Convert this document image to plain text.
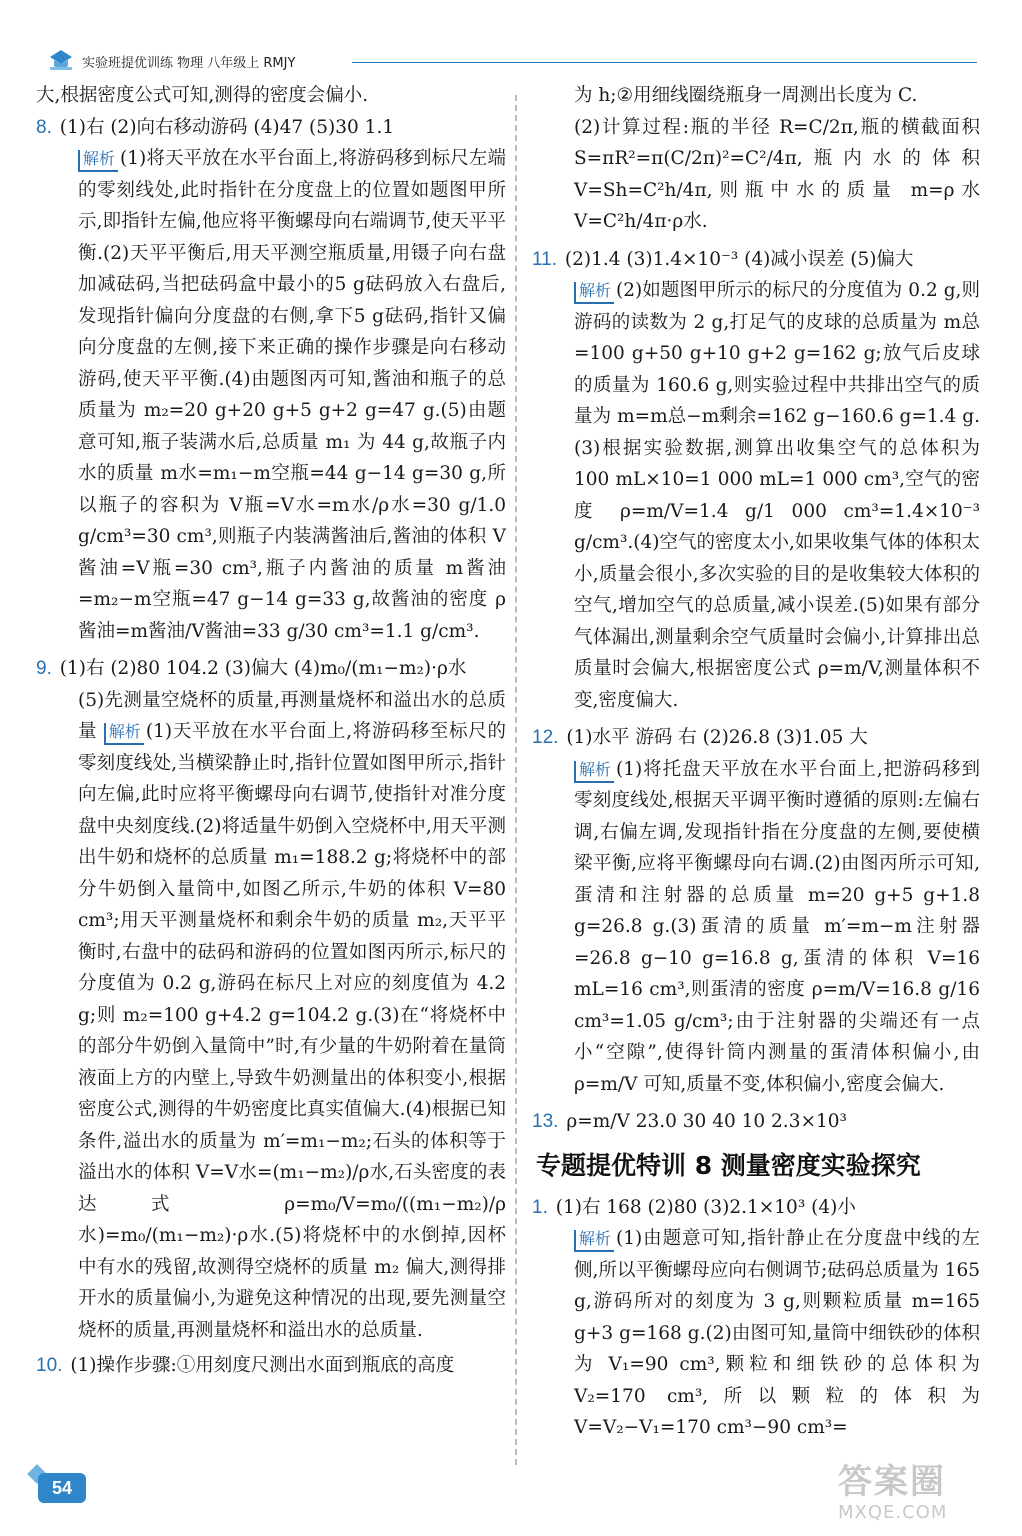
实验班提优训练 物理 八年级上 RMJY

大,根据密度公式可知,测得的密度会偏小.

8. (1)右 (2)向右移动游码 (4)47 (5)30 1.1

解析 (1)将天平放在水平台面上,将游码移到标尺左端的零刻线处,此时指针在分度盘上的位置如题图甲所示,即指针左偏,他应将平衡螺母向右端调节,使天平平衡.(2)天平平衡后,用天平测空瓶质量,用镊子向右盘加减砝码,当把砝码盒中最小的5 g砝码放入右盘后,发现指针偏向分度盘的右侧,拿下5 g砝码,指针又偏向分度盘的左侧,接下来正确的操作步骤是向右移动游码,使天平平衡.(4)由题图丙可知,酱油和瓶子的总质量为 m₂=20 g+20 g+5 g+2 g=47 g.(5)由题意可知,瓶子装满水后,总质量 m₁ 为 44 g,故瓶子内水的质量 m水=m₁−m空瓶=44 g−14 g=30 g,所以瓶子的容积为 V瓶=V水=m水/ρ水=30 g/1.0 g/cm³=30 cm³,则瓶子内装满酱油后,酱油的体积 V酱油=V瓶=30 cm³,瓶子内酱油的质量 m酱油=m₂−m空瓶=47 g−14 g=33 g,故酱油的密度 ρ酱油=m酱油/V酱油=33 g/30 cm³=1.1 g/cm³.

9. (1)右 (2)80 104.2 (3)偏大 (4)m₀/(m₁−m₂)·ρ水

(5)先测量空烧杯的质量,再测量烧杯和溢出水的总质量 解析 (1)天平放在水平台面上,将游码移至标尺的零刻度线处,当横梁静止时,指针位置如图甲所示,指针向左偏,此时应将平衡螺母向右调节,使指针对准分度盘中央刻度线.(2)将适量牛奶倒入空烧杯中,用天平测出牛奶和烧杯的总质量 m₁=188.2 g;将烧杯中的部分牛奶倒入量筒中,如图乙所示,牛奶的体积 V=80 cm³;用天平测量烧杯和剩余牛奶的质量 m₂,天平平衡时,右盘中的砝码和游码的位置如图丙所示,标尺的分度值为 0.2 g,游码在标尺上对应的刻度值为 4.2 g;则 m₂=100 g+4.2 g=104.2 g.(3)在“将烧杯中的部分牛奶倒入量筒中”时,有少量的牛奶附着在量筒液面上方的内壁上,导致牛奶测量出的体积变小,根据密度公式,测得的牛奶密度比真实值偏大.(4)根据已知条件,溢出水的质量为 m′=m₁−m₂;石头的体积等于溢出水的体积 V=V水=(m₁−m₂)/ρ水,石头密度的表达式 ρ=m₀/V=m₀/((m₁−m₂)/ρ水)=m₀/(m₁−m₂)·ρ水.(5)将烧杯中的水倒掉,因杯中有水的残留,故测得空烧杯的质量 m₂ 偏大,测得排开水的质量偏小,为避免这种情况的出现,要先测量空烧杯的质量,再测量烧杯和溢出水的总质量.

10. (1)操作步骤:①用刻度尺测出水面到瓶底的高度

为 h;②用细线圈绕瓶身一周测出长度为 C.

(2)计算过程:瓶的半径 R=C/2π,瓶的横截面积 S=πR²=π(C/2π)²=C²/4π,瓶内水的体积 V=Sh=C²h/4π,则瓶中水的质量 m=ρ水V=C²h/4π·ρ水.

11. (2)1.4 (3)1.4×10⁻³ (4)减小误差 (5)偏大

解析 (2)如题图甲所示的标尺的分度值为 0.2 g,则游码的读数为 2 g,打足气的皮球的总质量为 m总=100 g+50 g+10 g+2 g=162 g;放气后皮球的质量为 160.6 g,则实验过程中共排出空气的质量为 m=m总−m剩余=162 g−160.6 g=1.4 g.(3)根据实验数据,测算出收集空气的总体积为 100 mL×10=1 000 mL=1 000 cm³,空气的密度 ρ=m/V=1.4 g/1 000 cm³=1.4×10⁻³ g/cm³.(4)空气的密度太小,如果收集气体的体积太小,质量会很小,多次实验的目的是收集较大体积的空气,增加空气的总质量,减小误差.(5)如果有部分气体漏出,测量剩余空气质量时会偏小,计算排出总质量时会偏大,根据密度公式 ρ=m/V,测量体积不变,密度偏大.

12. (1)水平 游码 右 (2)26.8 (3)1.05 大

解析 (1)将托盘天平放在水平台面上,把游码移到零刻度线处,根据天平调平衡时遵循的原则:左偏右调,右偏左调,发现指针指在分度盘的左侧,要使横梁平衡,应将平衡螺母向右调.(2)由图丙所示可知,蛋清和注射器的总质量 m=20 g+5 g+1.8 g=26.8 g.(3)蛋清的质量 m′=m−m注射器=26.8 g−10 g=16.8 g,蛋清的体积 V=16 mL=16 cm³,则蛋清的密度 ρ=m/V=16.8 g/16 cm³=1.05 g/cm³;由于注射器的尖端还有一点小“空隙”,使得针筒内测量的蛋清体积偏小,由 ρ=m/V 可知,质量不变,体积偏小,密度会偏大.

13. ρ=m/V 23.0 30 40 10 2.3×10³

专题提优特训 8 测量密度实验探究

1. (1)右 168 (2)80 (3)2.1×10³ (4)小

解析 (1)由题意可知,指针静止在分度盘中线的左侧,所以平衡螺母应向右侧调节;砝码总质量为 165 g,游码所对的刻度为 3 g,则颗粒质量 m=165 g+3 g=168 g.(2)由图可知,量筒中细铁砂的体积为 V₁=90 cm³,颗粒和细铁砂的总体积为 V₂=170 cm³,所以颗粒的体积为 V=V₂−V₁=170 cm³−90 cm³=

54	答案圈
MXQE.COM
